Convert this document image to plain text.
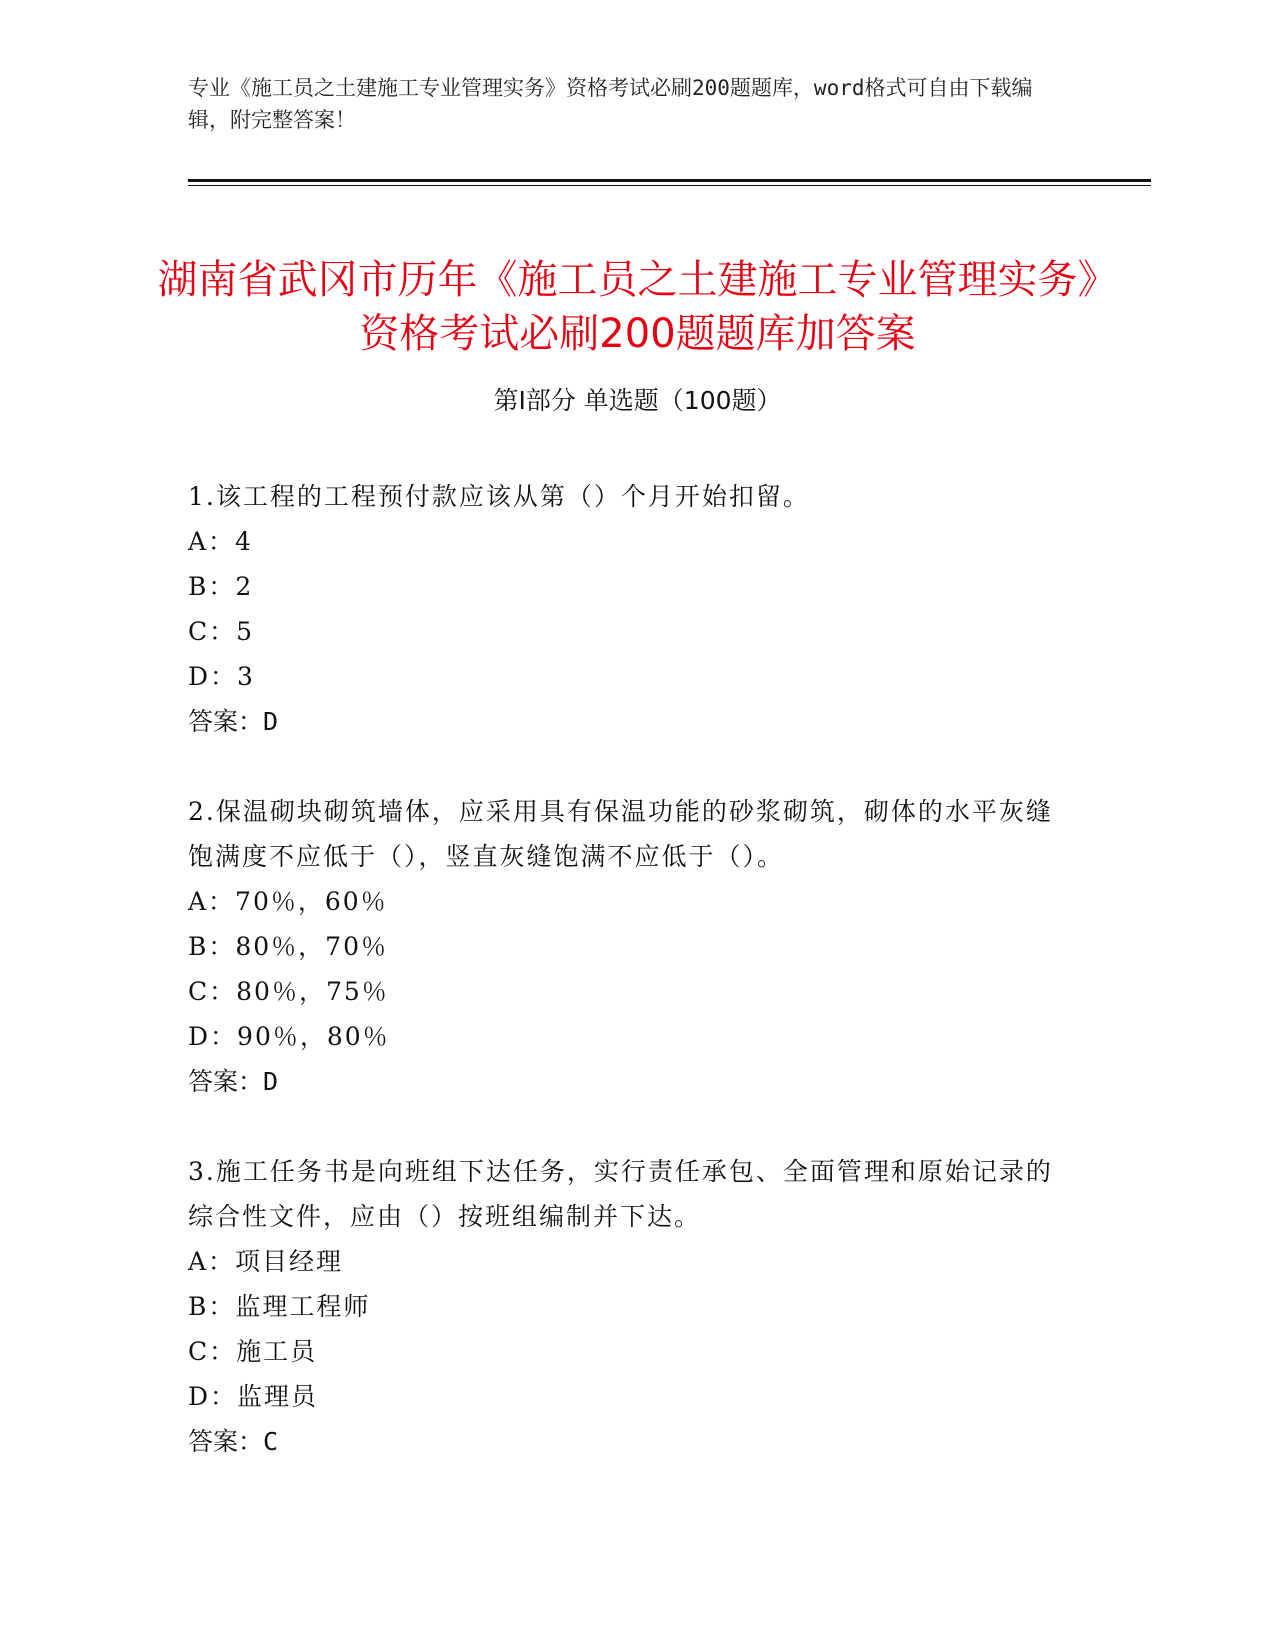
专业《施工员之土建施工专业管理实务》资格考试必刷200题题库，word格式可自由下载编辑，附完整答案！
湖南省武冈市历年《施工员之土建施工专业管理实务》资格考试必刷200题题库加答案
第Ⅰ部分 单选题（100题）
1.该工程的工程预付款应该从第（）个月开始扣留。
A：4
B：2
C：5
D：3
答案：D
2.保温砌块砌筑墙体，应采用具有保温功能的砂浆砌筑，砌体的水平灰缝饱满度不应低于（），竖直灰缝饱满不应低于（）。
A：70％，60％
B：80％，70％
C：80％，75％
D：90％，80％
答案：D
3.施工任务书是向班组下达任务，实行责任承包、全面管理和原始记录的综合性文件，应由（）按班组编制并下达。
A：项目经理
B：监理工程师
C：施工员
D：监理员
答案：C
